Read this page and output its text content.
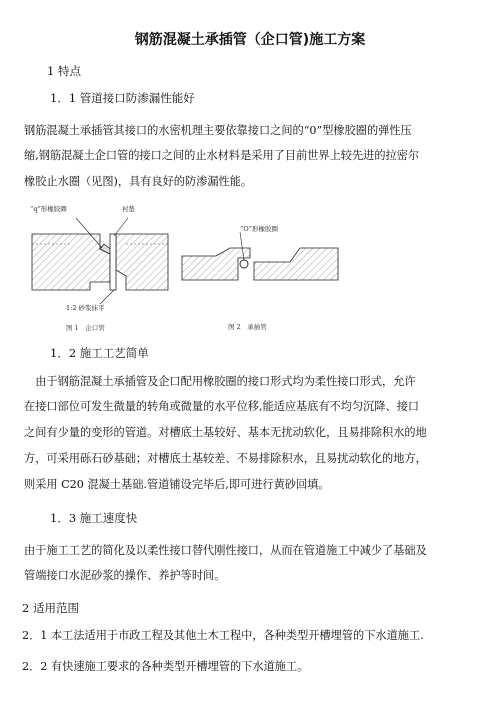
钢筋混凝土承插管（企口管)施工方案
1 特点
1．1 管道接口防渗漏性能好
钢筋混凝土承插管其接口的水密机理主要依靠接口之间的“0”型橡胶圈的弹性压
缩,钢筋混凝土企口管的接口之间的止水材料是采用了目前世界上较先进的拉密尔
橡胶止水圈（见图)，具有良好的防渗漏性能。
“q”形橡胶圈	衬垫
1:2 砂浆抹平
图 1　企口管
“O”形橡胶圈
图 2　承插管
1．2 施工工艺简单
　由于钢筋混凝土承插管及企口配用橡胶圈的接口形式均为柔性接口形式，允许
在接口部位可发生微量的转角或微量的水平位移,能适应基底有不均匀沉降、接口
之间有少量的变形的管道。对槽底土基较好、基本无扰动软化，且易排除积水的地
方，可采用砾石砂基础；对槽底土基较差、不易排除积水，且易扰动软化的地方，
则采用 C20 混凝土基础.管道铺设完毕后,即可进行黄砂回填。
1．3 施工速度快
由于施工工艺的简化及以柔性接口替代刚性接口，从而在管道施工中减少了基础及
管端接口水泥砂浆的操作、养护等时间。
2 适用范围
2．1 本工法适用于市政工程及其他土木工程中，各种类型开槽埋管的下水道施工.
2．2 有快速施工要求的各种类型开槽埋管的下水道施工。
